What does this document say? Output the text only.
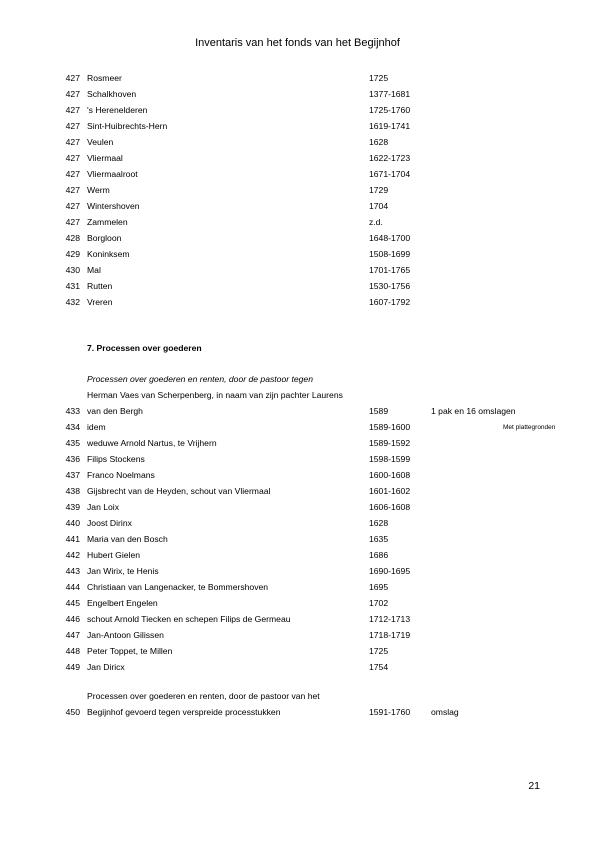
Inventaris van het fonds van het Begijnhof
427 Rosmeer	1725
427 Schalkhoven	1377-1681
427 's Herenelderen	1725-1760
427 Sint-Huibrechts-Hern	1619-1741
427 Veulen	1628
427 Vliermaal	1622-1723
427 Vliermaalroot	1671-1704
427 Werm	1729
427 Wintershoven	1704
427 Zammelen	z.d.
428 Borgloon	1648-1700
429 Koninksem	1508-1699
430 Mal	1701-1765
431 Rutten	1530-1756
432 Vreren	1607-1792
7. Processen over goederen
Processen over goederen en renten, door de pastoor tegen
Herman Vaes van Scherpenberg, in naam van zijn pachter Laurens
433 van den Bergh	1589	1 pak en 16 omslagen
434 idem	1589-1600	Met plattegronden
435 weduwe Arnold Nartus, te Vrijhern	1589-1592
436 Filips Stockens	1598-1599
437 Franco Noelmans	1600-1608
438 Gijsbrecht van de Heyden, schout van Vliermaal	1601-1602
439 Jan Loix	1606-1608
440 Joost Dirinx	1628
441 Maria van den Bosch	1635
442 Hubert Gielen	1686
443 Jan Wirix, te Henis	1690-1695
444 Christiaan van Langenacker, te Bommershoven	1695
445 Engelbert Engelen	1702
446 schout Arnold Tiecken en schepen Filips de Germeau	1712-1713
447 Jan-Antoon Gilissen	1718-1719
448 Peter Toppet, te Millen	1725
449 Jan Diricx	1754
Processen over goederen en renten, door de pastoor van het
450 Begijnhof gevoerd tegen verspreide processtukken	1591-1760 omslag
21
